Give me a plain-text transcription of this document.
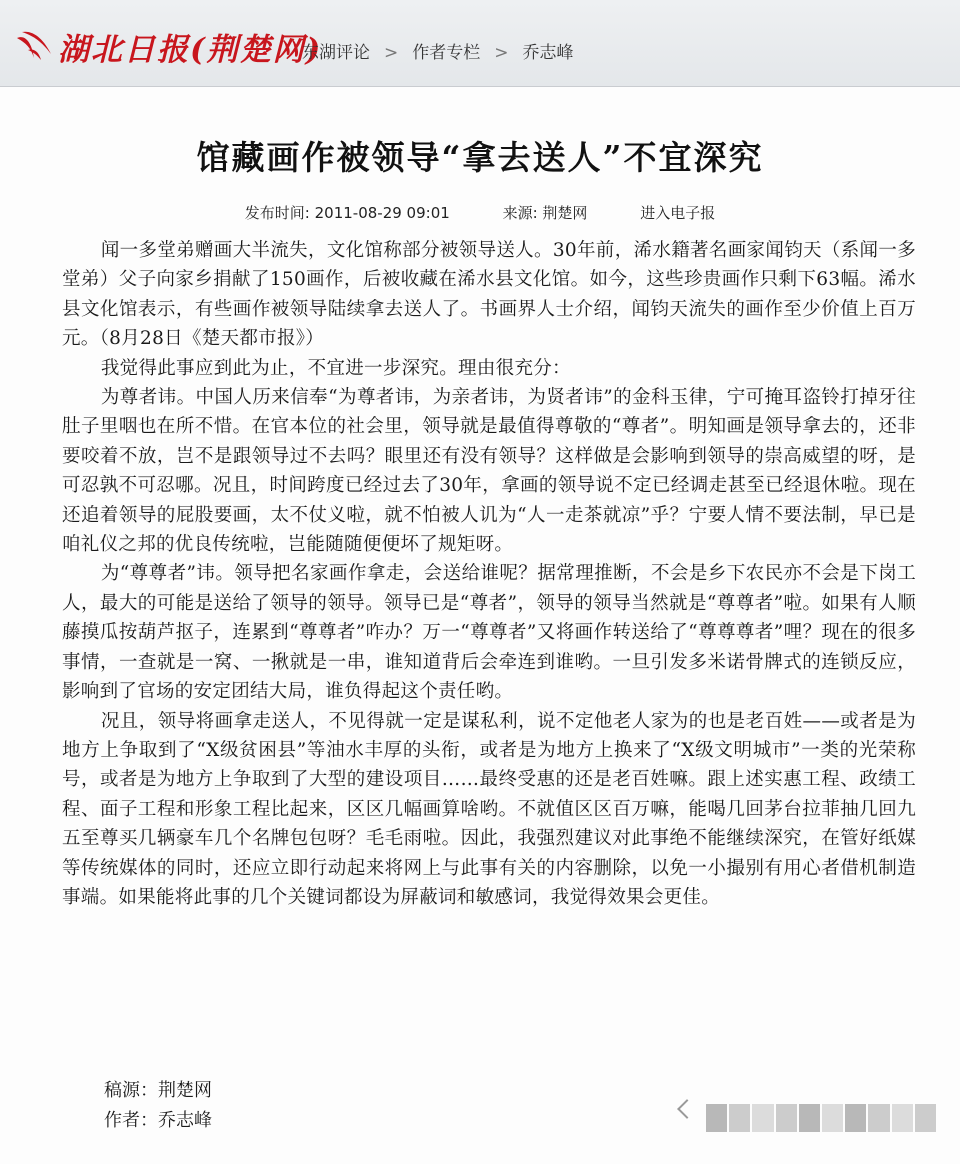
湖北日报(荆楚网)
东湖评论 > 作者专栏 > 乔志峰
馆藏画作被领导“拿去送人”不宜深究
发布时间: 2011-08-29 09:01	来源: 荆楚网	进入电子报

闻一多堂弟赠画大半流失，文化馆称部分被领导送人。30年前，浠水籍著名画家闻钧天（系闻一多堂弟）父子向家乡捐献了150画作，后被收藏在浠水县文化馆。如今，这些珍贵画作只剩下63幅。浠水县文化馆表示，有些画作被领导陆续拿去送人了。书画界人士介绍，闻钧天流失的画作至少价值上百万元。（8月28日《楚天都市报》）

我觉得此事应到此为止，不宜进一步深究。理由很充分：

为尊者讳。中国人历来信奉“为尊者讳，为亲者讳，为贤者讳”的金科玉律，宁可掩耳盗铃打掉牙往肚子里咽也在所不惜。在官本位的社会里，领导就是最值得尊敬的“尊者”。明知画是领导拿去的，还非要咬着不放，岂不是跟领导过不去吗？眼里还有没有领导？这样做是会影响到领导的崇高威望的呀，是可忍孰不可忍哪。况且，时间跨度已经过去了30年，拿画的领导说不定已经调走甚至已经退休啦。现在还追着领导的屁股要画，太不仗义啦，就不怕被人讥为“人一走茶就凉”乎？宁要人情不要法制，早已是咱礼仪之邦的优良传统啦，岂能随随便便坏了规矩呀。

为“尊尊者”讳。领导把名家画作拿走，会送给谁呢？据常理推断，不会是乡下农民亦不会是下岗工人，最大的可能是送给了领导的领导。领导已是“尊者”，领导的领导当然就是“尊尊者”啦。如果有人顺藤摸瓜按葫芦抠子，连累到“尊尊者”咋办？万一“尊尊者”又将画作转送给了“尊尊尊者”哩？现在的很多事情，一查就是一窝、一揪就是一串，谁知道背后会牵连到谁哟。一旦引发多米诺骨牌式的连锁反应，影响到了官场的安定团结大局，谁负得起这个责任哟。

况且，领导将画拿走送人，不见得就一定是谋私利，说不定他老人家为的也是老百姓——或者是为地方上争取到了“X级贫困县”等油水丰厚的头衔，或者是为地方上换来了“X级文明城市”一类的光荣称号，或者是为地方上争取到了大型的建设项目……最终受惠的还是老百姓嘛。跟上述实惠工程、政绩工程、面子工程和形象工程比起来，区区几幅画算啥哟。不就值区区百万嘛，能喝几回茅台拉菲抽几回九五至尊买几辆豪车几个名牌包包呀？毛毛雨啦。因此，我强烈建议对此事绝不能继续深究，在管好纸媒等传统媒体的同时，还应立即行动起来将网上与此事有关的内容删除，以免一小撮别有用心者借机制造事端。如果能将此事的几个关键词都设为屏蔽词和敏感词，我觉得效果会更佳。

稿源：荆楚网
作者：乔志峰
